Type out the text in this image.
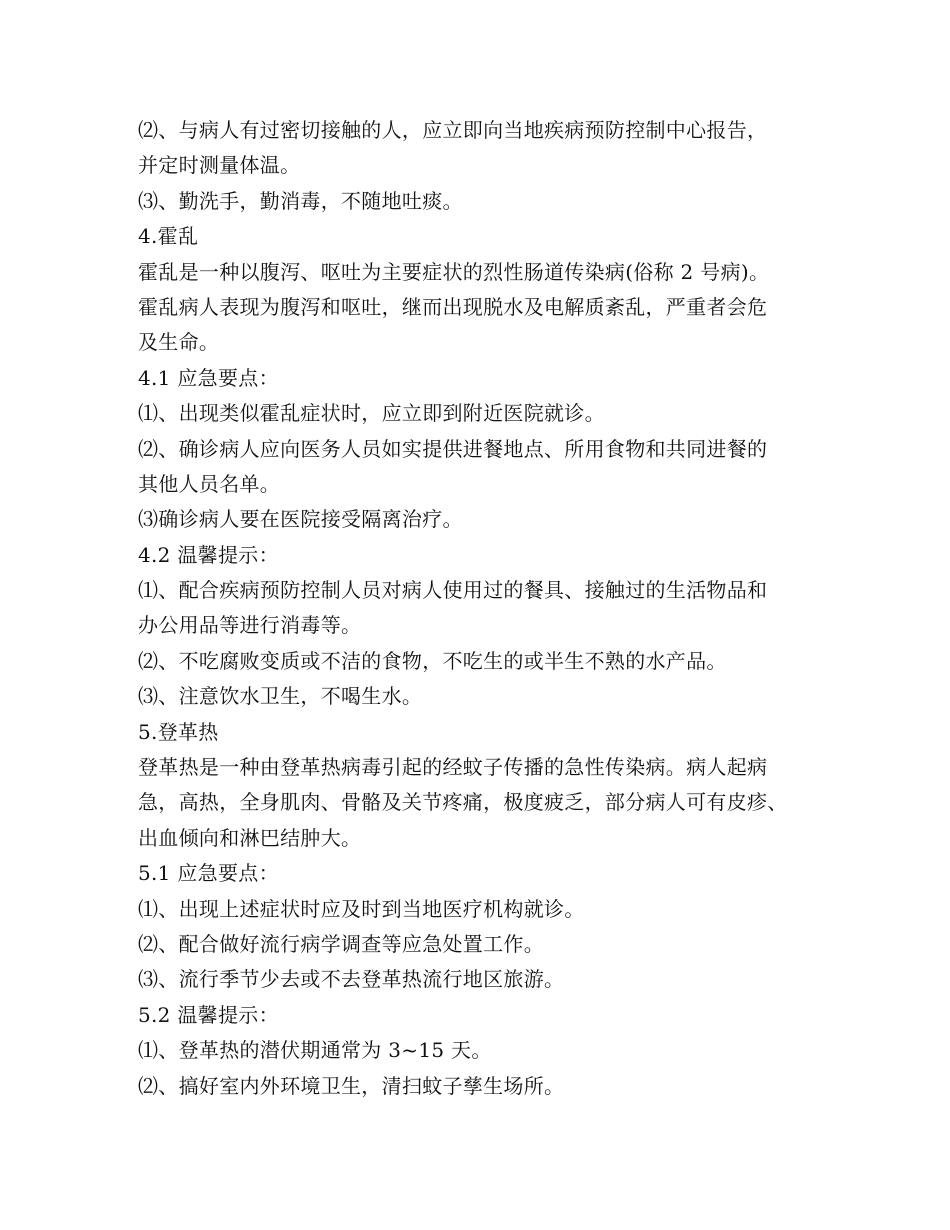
⑵、与病人有过密切接触的人，应立即向当地疾病预防控制中心报告，
并定时测量体温。
⑶、勤洗手，勤消毒，不随地吐痰。
4.霍乱
霍乱是一种以腹泻、呕吐为主要症状的烈性肠道传染病(俗称 2 号病)。
霍乱病人表现为腹泻和呕吐，继而出现脱水及电解质紊乱，严重者会危
及生命。
4.1 应急要点：
⑴、出现类似霍乱症状时，应立即到附近医院就诊。
⑵、确诊病人应向医务人员如实提供进餐地点、所用食物和共同进餐的
其他人员名单。
⑶确诊病人要在医院接受隔离治疗。
4.2 温馨提示：
⑴、配合疾病预防控制人员对病人使用过的餐具、接触过的生活物品和
办公用品等进行消毒等。
⑵、不吃腐败变质或不洁的食物，不吃生的或半生不熟的水产品。
⑶、注意饮水卫生，不喝生水。
5.登革热
登革热是一种由登革热病毒引起的经蚊子传播的急性传染病。病人起病
急，高热，全身肌肉、骨骼及关节疼痛，极度疲乏，部分病人可有皮疹、
出血倾向和淋巴结肿大。
5.1 应急要点：
⑴、出现上述症状时应及时到当地医疗机构就诊。
⑵、配合做好流行病学调查等应急处置工作。
⑶、流行季节少去或不去登革热流行地区旅游。
5.2 温馨提示：
⑴、登革热的潜伏期通常为 3~15 天。
⑵、搞好室内外环境卫生，清扫蚊子孳生场所。
